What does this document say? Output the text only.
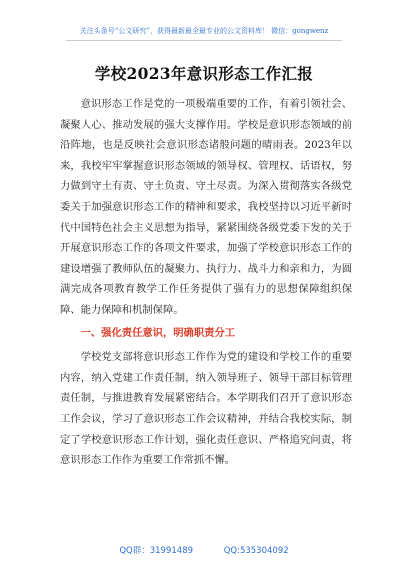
关注头条号“公文研究”，获得最新最全最专业的公文资料库！ 微信：gongwenz
学校2023年意识形态工作汇报

意识形态工作是党的一项极端重要的工作，有着引领社会、凝聚人心、推动发展的强大支撑作用。学校是意识形态领域的前沿阵地，也是反映社会意识形态诸般问题的晴雨表。2023年以来，我校牢牢掌握意识形态领域的领导权、管理权、话语权，努力做到守土有责、守土负责、守土尽责。为深入贯彻落实各级党委关于加强意识形态工作的精神和要求，我校坚持以习近平新时代中国特色社会主义思想为指导，紧紧围绕各级党委下发的关于开展意识形态工作的各项文件要求，加强了学校意识形态工作的建设增强了教师队伍的凝聚力、执行力、战斗力和亲和力，为圆满完成各项教育教学工作任务提供了强有力的思想保障组织保障、能力保障和机制保障。

一、强化责任意识，明确职责分工

学校党支部将意识形态工作作为党的建设和学校工作的重要内容，纳入党建工作责任制，纳入领导班子、领导干部目标管理责任制，与推进教育发展紧密结合。本学期我们召开了意识形态工作会议，学习了意识形态工作会议精神，并结合我校实际，制定了学校意识形态工作计划，强化责任意识、严格追究问责，将意识形态工作作为重要工作常抓不懈。

QQ群：31991489	QQ:535304092
